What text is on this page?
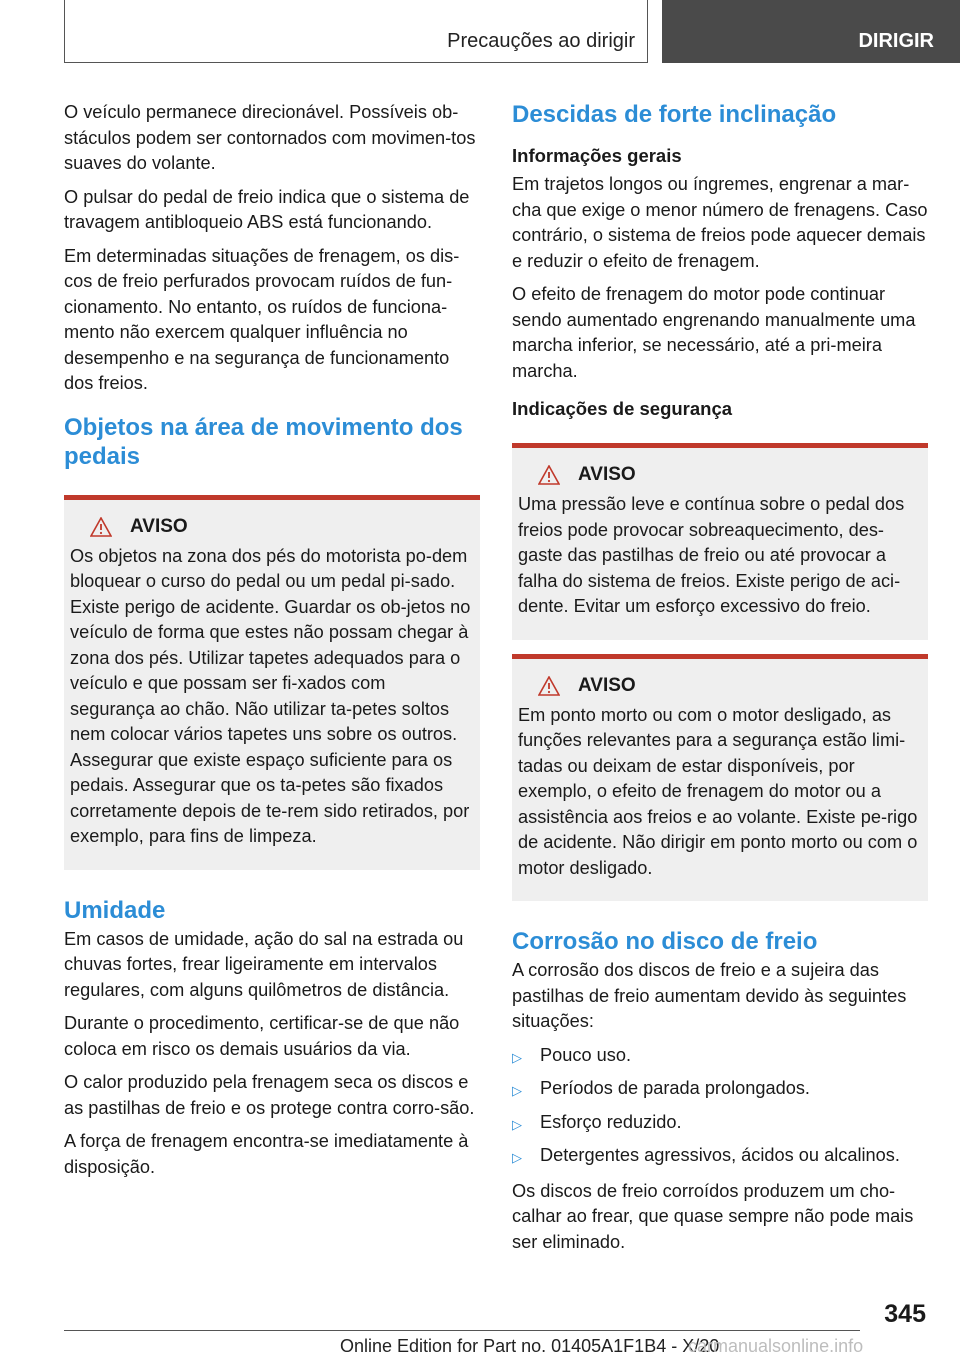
Precauções ao dirigir	DIRIGIR

O veículo permanece direcionável. Possíveis ob-stáculos podem ser contornados com movimen-tos suaves do volante.

O pulsar do pedal de freio indica que o sistema de travagem antibloqueio ABS está funcionando.

Em determinadas situações de frenagem, os dis-cos de freio perfurados provocam ruídos de fun-cionamento. No entanto, os ruídos de funciona-mento não exercem qualquer influência no desempenho e na segurança de funcionamento dos freios.

Objetos na área de movimento dos pedais
AVISO

Os objetos na zona dos pés do motorista po-dem bloquear o curso do pedal ou um pedal pi-sado. Existe perigo de acidente. Guardar os ob-jetos no veículo de forma que estes não possam chegar à zona dos pés. Utilizar tapetes adequados para o veículo e que possam ser fi-xados com segurança ao chão. Não utilizar ta-petes soltos nem colocar vários tapetes uns sobre os outros. Assegurar que existe espaço suficiente para os pedais. Assegurar que os ta-petes são fixados corretamente depois de te-rem sido retirados, por exemplo, para fins de limpeza.

Umidade

Em casos de umidade, ação do sal na estrada ou chuvas fortes, frear ligeiramente em intervalos regulares, com alguns quilômetros de distância.

Durante o procedimento, certificar-se de que não coloca em risco os demais usuários da via.

O calor produzido pela frenagem seca os discos e as pastilhas de freio e os protege contra corro-são.

A força de frenagem encontra-se imediatamente à disposição.

Descidas de forte inclinação
Informações gerais

Em trajetos longos ou íngremes, engrenar a mar-cha que exige o menor número de frenagens. Caso contrário, o sistema de freios pode aquecer demais e reduzir o efeito de frenagem.

O efeito de frenagem do motor pode continuar sendo aumentado engrenando manualmente uma marcha inferior, se necessário, até a pri-meira marcha.

Indicações de segurança
AVISO

Uma pressão leve e contínua sobre o pedal dos freios pode provocar sobreaquecimento, des-gaste das pastilhas de freio ou até provocar a falha do sistema de freios. Existe perigo de aci-dente. Evitar um esforço excessivo do freio.

AVISO

Em ponto morto ou com o motor desligado, as funções relevantes para a segurança estão limi-tadas ou deixam de estar disponíveis, por exemplo, o efeito de frenagem do motor ou a assistência aos freios e ao volante. Existe pe-rigo de acidente. Não dirigir em ponto morto ou com o motor desligado.

Corrosão no disco de freio

A corrosão dos discos de freio e a sujeira das pastilhas de freio aumentam devido às seguintes situações:

▷ Pouco uso.
▷ Períodos de parada prolongados.
▷ Esforço reduzido.
▷ Detergentes agressivos, ácidos ou alcalinos.

Os discos de freio corroídos produzem um cho-calhar ao frear, que quase sempre não pode mais ser eliminado.

345
Online Edition for Part no. 01405A1F1B4 - X/20
carmanualsonline.info
